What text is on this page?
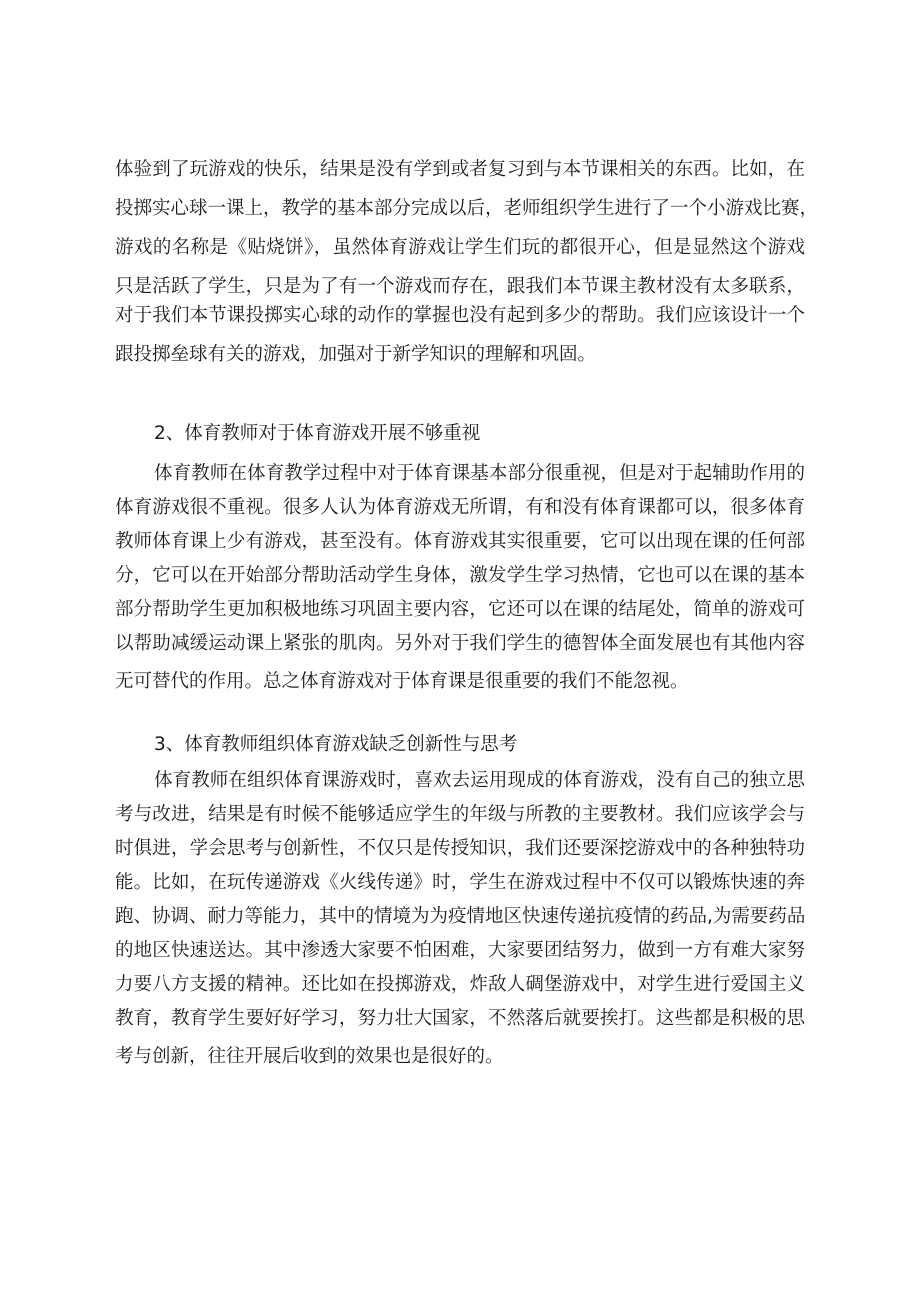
体验到了玩游戏的快乐，结果是没有学到或者复习到与本节课相关的东西。比如，在
投掷实心球一课上，教学的基本部分完成以后，老师组织学生进行了一个小游戏比赛，
游戏的名称是《贴烧饼》，虽然体育游戏让学生们玩的都很开心，但是显然这个游戏
只是活跃了学生，只是为了有一个游戏而存在，跟我们本节课主教材没有太多联系，
对于我们本节课投掷实心球的动作的掌握也没有起到多少的帮助。我们应该设计一个
跟投掷垒球有关的游戏，加强对于新学知识的理解和巩固。
2、体育教师对于体育游戏开展不够重视
体育教师在体育教学过程中对于体育课基本部分很重视，但是对于起辅助作用的
体育游戏很不重视。很多人认为体育游戏无所谓，有和没有体育课都可以，很多体育
教师体育课上少有游戏，甚至没有。体育游戏其实很重要，它可以出现在课的任何部
分，它可以在开始部分帮助活动学生身体，激发学生学习热情，它也可以在课的基本
部分帮助学生更加积极地练习巩固主要内容，它还可以在课的结尾处，简单的游戏可
以帮助减缓运动课上紧张的肌肉。另外对于我们学生的德智体全面发展也有其他内容
无可替代的作用。总之体育游戏对于体育课是很重要的我们不能忽视。
3、体育教师组织体育游戏缺乏创新性与思考
体育教师在组织体育课游戏时，喜欢去运用现成的体育游戏，没有自己的独立思
考与改进，结果是有时候不能够适应学生的年级与所教的主要教材。我们应该学会与
时俱进，学会思考与创新性，不仅只是传授知识，我们还要深挖游戏中的各种独特功
能。比如，在玩传递游戏《火线传递》时，学生在游戏过程中不仅可以锻炼快速的奔
跑、协调、耐力等能力，其中的情境为为疫情地区快速传递抗疫情的药品,为需要药品
的地区快速送达。其中渗透大家要不怕困难，大家要团结努力，做到一方有难大家努
力要八方支援的精神。还比如在投掷游戏，炸敌人碉堡游戏中，对学生进行爱国主义
教育，教育学生要好好学习，努力壮大国家，不然落后就要挨打。这些都是积极的思
考与创新，往往开展后收到的效果也是很好的。
